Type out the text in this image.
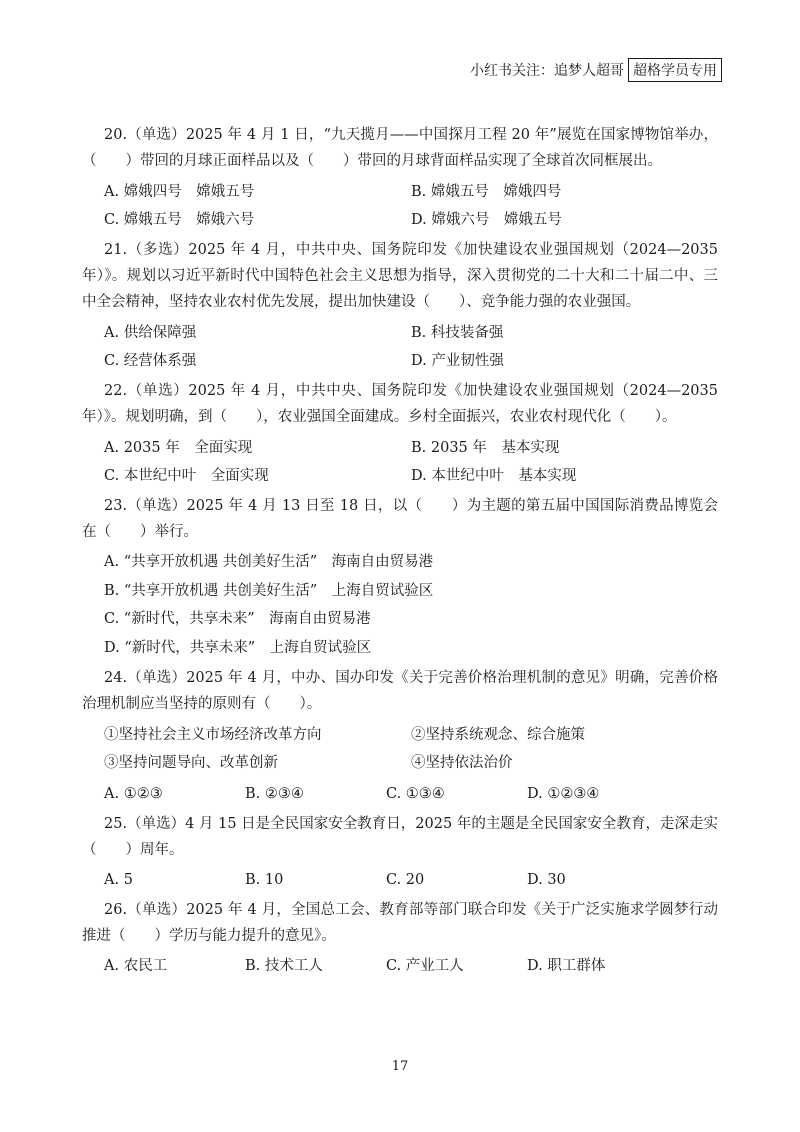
小红书关注：追梦人超哥 超格学员专用

20.（单选）2025 年 4 月 1 日，“九天揽月——中国探月工程 20 年”展览在国家博物馆举办，（　　）带回的月球正面样品以及（　　）带回的月球背面样品实现了全球首次同框展出。

A. 嫦娥四号　嫦娥五号	B. 嫦娥五号　嫦娥四号
C. 嫦娥五号　嫦娥六号	D. 嫦娥六号　嫦娥五号

21.（多选）2025 年 4 月，中共中央、国务院印发《加快建设农业强国规划（2024—2035 年）》。规划以习近平新时代中国特色社会主义思想为指导，深入贯彻党的二十大和二十届二中、三中全会精神，坚持农业农村优先发展，提出加快建设（　　）、竞争能力强的农业强国。

A. 供给保障强	B. 科技装备强
C. 经营体系强	D. 产业韧性强

22.（单选）2025 年 4 月，中共中央、国务院印发《加快建设农业强国规划（2024—2035 年）》。规划明确，到（　　），农业强国全面建成。乡村全面振兴，农业农村现代化（　　）。

A. 2035 年　全面实现	B. 2035 年　基本实现
C. 本世纪中叶　全面实现	D. 本世纪中叶　基本实现

23.（单选）2025 年 4 月 13 日至 18 日，以（　　）为主题的第五届中国国际消费品博览会在（　　）举行。

A. “共享开放机遇 共创美好生活”　海南自由贸易港
B. “共享开放机遇 共创美好生活”　上海自贸试验区
C. “新时代，共享未来”　海南自由贸易港
D. “新时代，共享未来”　上海自贸试验区

24.（单选）2025 年 4 月，中办、国办印发《关于完善价格治理机制的意见》明确，完善价格治理机制应当坚持的原则有（　　）。

①坚持社会主义市场经济改革方向	②坚持系统观念、综合施策
③坚持问题导向、改革创新	④坚持依法治价
A. ①②③	B. ②③④	C. ①③④	D. ①②③④

25.（单选）4 月 15 日是全民国家安全教育日，2025 年的主题是全民国家安全教育，走深走实（　　）周年。

A. 5	B. 10	C. 20	D. 30

26.（单选）2025 年 4 月，全国总工会、教育部等部门联合印发《关于广泛实施求学圆梦行动 推进（　　）学历与能力提升的意见》。

A. 农民工	B. 技术工人	C. 产业工人	D. 职工群体
17
